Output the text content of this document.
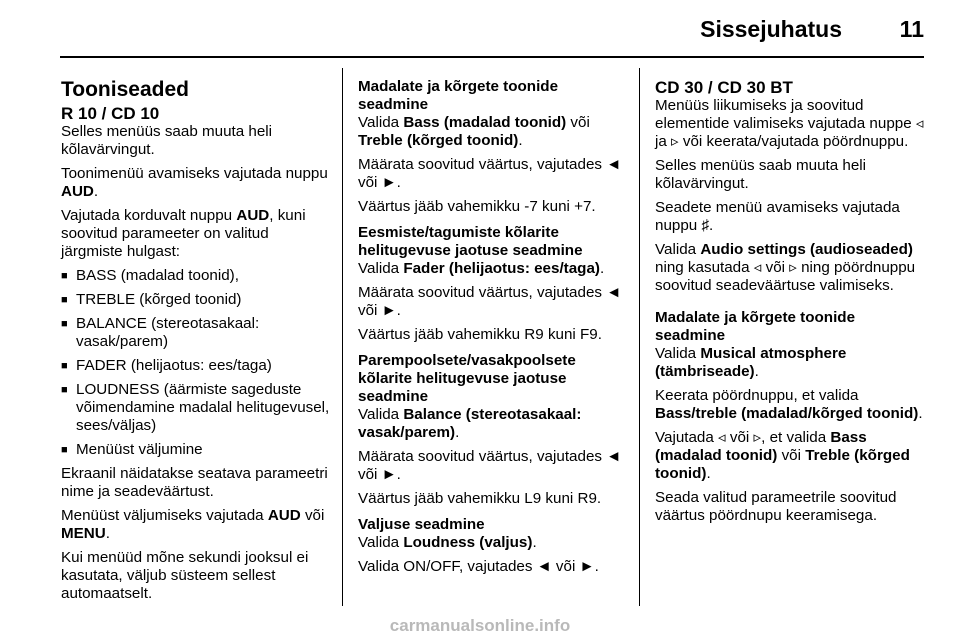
Sissejuhatus	11
Tooniseaded
R 10 / CD 10

Selles menüüs saab muuta heli kõlavärvingut.

Toonimenüü avamiseks vajutada nuppu AUD.

Vajutada korduvalt nuppu AUD, kuni soovitud parameeter on valitud järgmiste hulgast:

■ BASS (madalad toonid),
■ TREBLE (kõrged toonid)
■ BALANCE (stereotasakaal: vasak/parem)
■ FADER (helijaotus: ees/taga)
■ LOUDNESS (äärmiste sageduste võimendamine madalal helitugevusel, sees/väljas)
■ Menüüst väljumine

Ekraanil näidatakse seatava parameetri nime ja seadeväärtust.

Menüüst väljumiseks vajutada AUD või MENU.

Kui menüüd mõne sekundi jooksul ei kasutata, väljub süsteem sellest automaatselt.

Madalate ja kõrgete toonide seadmine

Valida Bass (madalad toonid) või Treble (kõrged toonid).

Määrata soovitud väärtus, vajutades ◄ või ►.

Väärtus jääb vahemikku -7 kuni +7.

Eesmiste/tagumiste kõlarite helitugevuse jaotuse seadmine

Valida Fader (helijaotus: ees/taga).

Määrata soovitud väärtus, vajutades ◄ või ►.

Väärtus jääb vahemikku R9 kuni F9.

Parempoolsete/vasakpoolsete kõlarite helitugevuse jaotuse seadmine

Valida Balance (stereotasakaal: vasak/parem).

Määrata soovitud väärtus, vajutades ◄ või ►.

Väärtus jääb vahemikku L9 kuni R9.

Valjuse seadmine

Valida Loudness (valjus).

Valida ON/OFF, vajutades ◄ või ►.

CD 30 / CD 30 BT

Menüüs liikumiseks ja soovitud elementide valimiseks vajutada nuppe ◃ ja ▹ või keerata/vajutada pöördnuppu.

Selles menüüs saab muuta heli kõlavärvingut.

Seadete menüü avamiseks vajutada nuppu ♯.

Valida Audio settings (audioseaded) ning kasutada ◃ või ▹ ning pöördnuppu soovitud seadeväärtuse valimiseks.

Madalate ja kõrgete toonide seadmine

Valida Musical atmosphere (tämbriseade).

Keerata pöördnuppu, et valida Bass/treble (madalad/kõrged toonid).

Vajutada ◃ või ▹, et valida Bass (madalad toonid) või Treble (kõrged toonid).

Seada valitud parameetrile soovitud väärtus pöördnupu keeramisega.

carmanualsonline.info
